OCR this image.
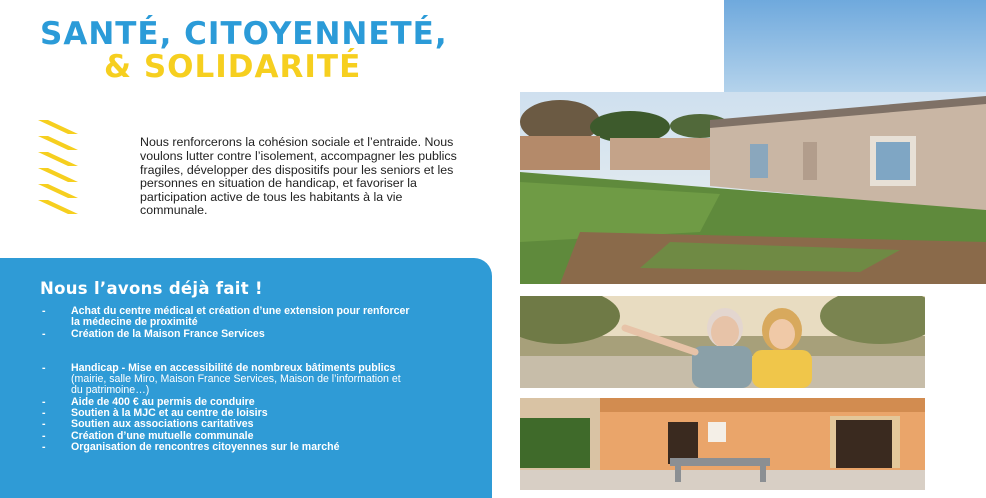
SANTÉ, CITOYENNETÉ,
& SOLIDARITÉ

Nous renforcerons la cohésion sociale et l’entraide. Nous voulons lutter contre l’isolement, accompagner les publics fragiles, développer des dispositifs pour les seniors et les personnes en situation de handicap, et favoriser la participation active de tous les habitants à la vie communale.

Nous l’avons déjà fait !
- Achat du centre médical et création d’une extension pour renforcer la médecine de proximité
- Création de la Maison France Services
- Handicap - Mise en accessibilité de nombreux bâtiments publics (mairie, salle Miro, Maison France Services, Maison de l’information et du patrimoine…)
- Aide de 400 € au permis de conduire
- Soutien à la MJC et au centre de loisirs
- Soutien aux associations caritatives
- Création d’une mutuelle communale
- Organisation de rencontres citoyennes sur le marché
